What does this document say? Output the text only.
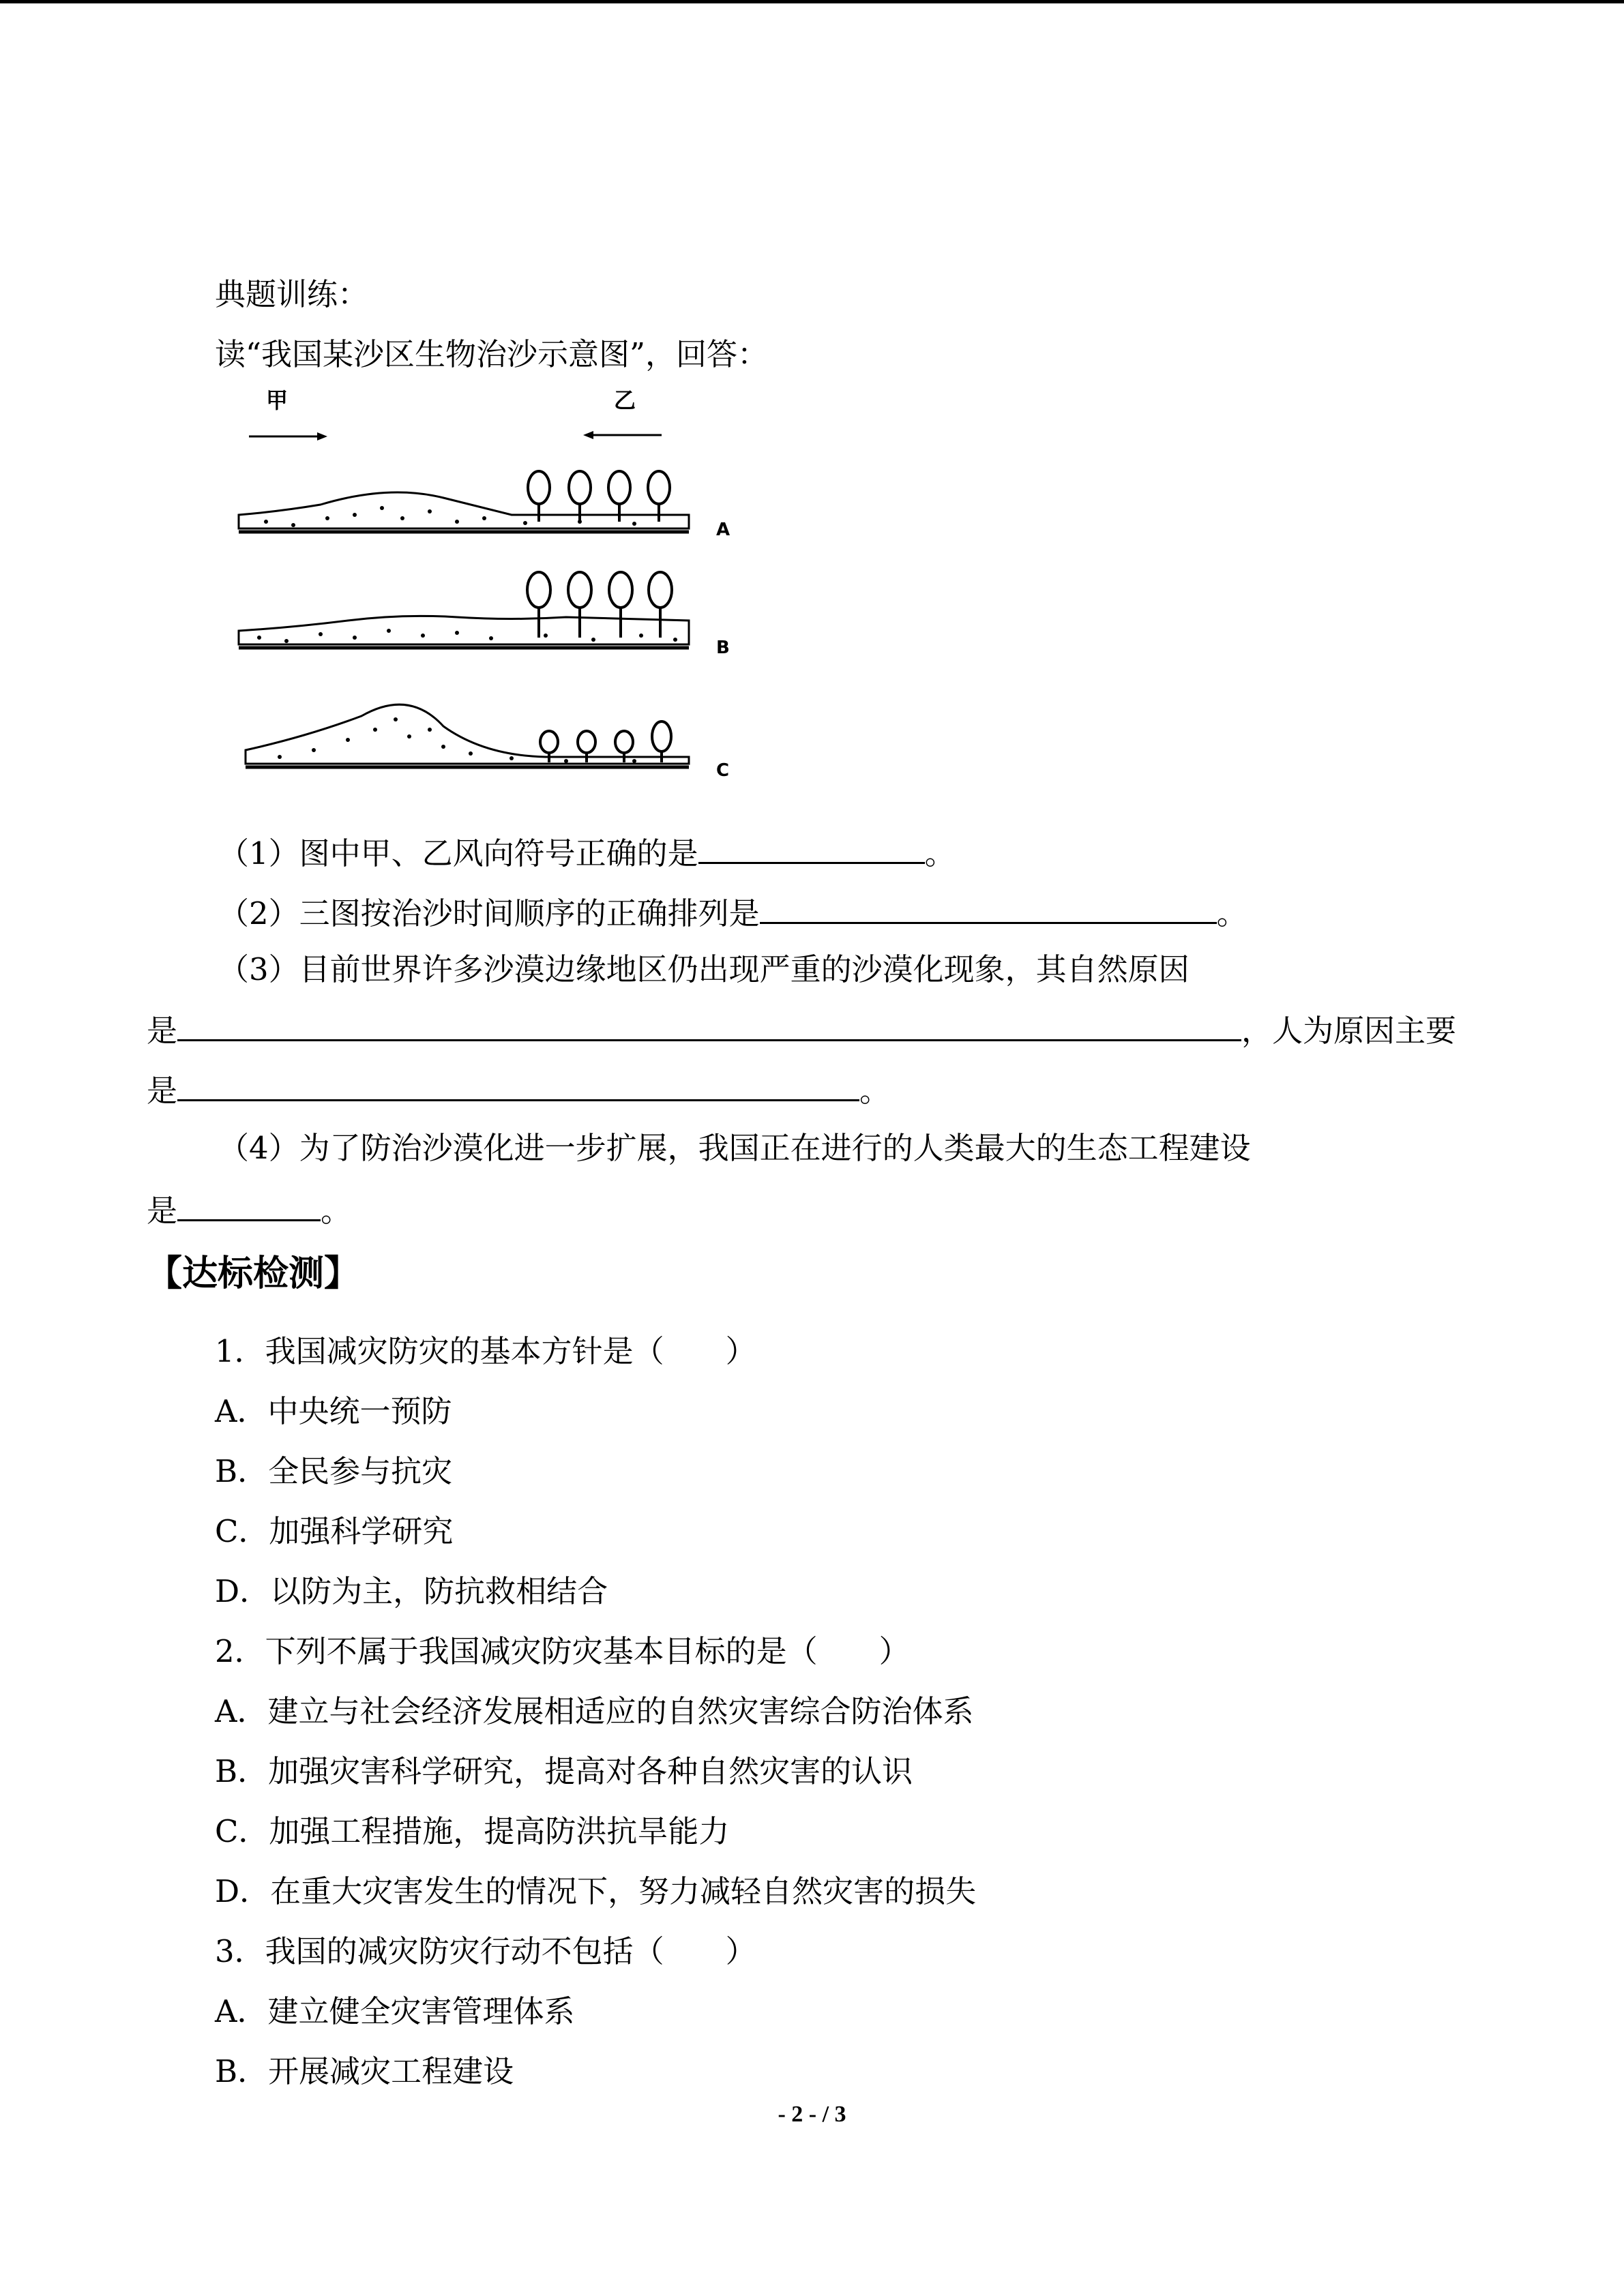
典题训练：
读“我国某沙区生物治沙示意图”，回答：
甲	乙
A
B
C
（1）图中甲、乙风向符号正确的是	。
（2）三图按治沙时间顺序的正确排列是	。
（3）目前世界许多沙漠边缘地区仍出现严重的沙漠化现象，其自然原因
是	，人为原因主要
是	。
（4）为了防治沙漠化进一步扩展，我国正在进行的人类最大的生态工程建设
是	。
【达标检测】
1．我国减灾防灾的基本方针是（　　）
A．中央统一预防
B．全民参与抗灾
C．加强科学研究
D．以防为主，防抗救相结合
2．下列不属于我国减灾防灾基本目标的是（　　）
A．建立与社会经济发展相适应的自然灾害综合防治体系
B．加强灾害科学研究，提高对各种自然灾害的认识
C．加强工程措施，提高防洪抗旱能力
D．在重大灾害发生的情况下，努力减轻自然灾害的损失
3．我国的减灾防灾行动不包括（　　）
A．建立健全灾害管理体系
B．开展减灾工程建设
- 2 - / 3
